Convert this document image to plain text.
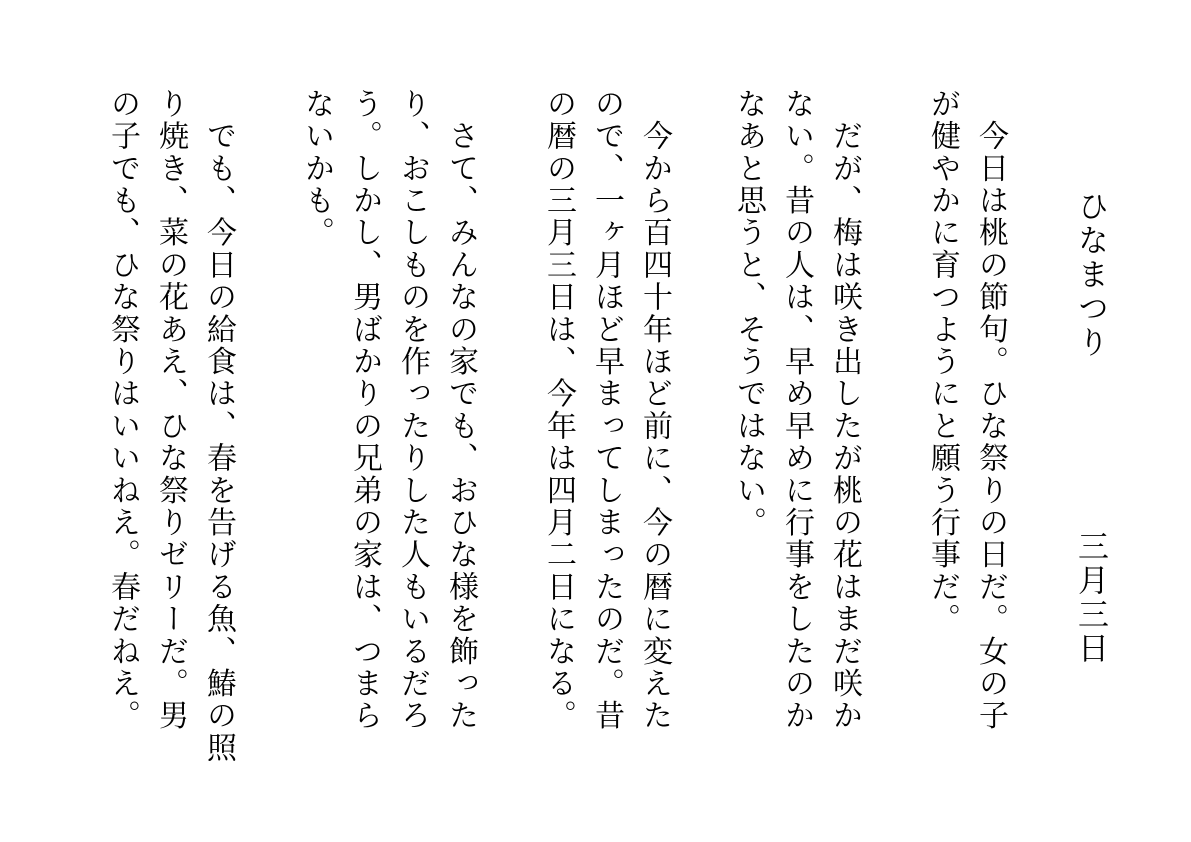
ひなまつり
三月三日
　今日は桃の節句。ひな祭りの日だ。女の子
が健やかに育つようにと願う行事だ。
　だが、梅は咲き出したが桃の花はまだ咲か
ない。昔の人は、早め早めに行事をしたのか
なあと思うと、そうではない。
　今から百四十年ほど前に、今の暦に変えた
ので、一ヶ月ほど早まってしまったのだ。昔
の暦の三月三日は、今年は四月二日になる。
　さて、みんなの家でも、おひな様を飾った
り、おこしものを作ったりした人もいるだろ
う。しかし、男ばかりの兄弟の家は、つまら
ないかも。
　でも、今日の給食は、春を告げる魚、鰆の照
り焼き、菜の花あえ、ひな祭りゼリーだ。男
の子でも、ひな祭りはいいねえ。春だねえ。
